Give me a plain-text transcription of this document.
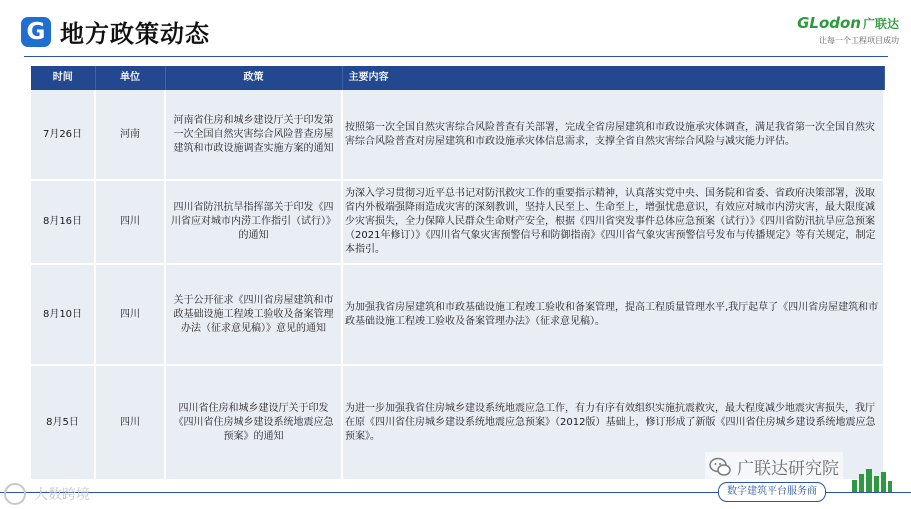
G 地方政策动态	GLodon 广联达
让每一个工程项目成功
时间	单位	政策	主要内容
7月26日	河南	河南省住房和城乡建设厅关于印发第一次全国自然灾害综合风险普查房屋建筑和市政设施调查实施方案的通知	按照第一次全国自然灾害综合风险普查有关部署，完成全省房屋建筑和市政设施承灾体调查，满足我省第一次全国自然灾害综合风险普查对房屋建筑和市政设施承灾体信息需求，支撑全省自然灾害综合风险与减灾能力评估。
8月16日	四川	四川省防汛抗旱指挥部关于印发《四川省应对城市内涝工作指引（试行）》的通知	为深入学习贯彻习近平总书记对防汛救灾工作的重要指示精神，认真落实党中央、国务院和省委、省政府决策部署，汲取省内外极端强降雨造成灾害的深刻教训，坚持人民至上、生命至上，增强忧患意识，有效应对城市内涝灾害，最大限度减少灾害损失，全力保障人民群众生命财产安全，根据《四川省突发事件总体应急预案（试行）》《四川省防汛抗旱应急预案（2021年修订）》《四川省气象灾害预警信号和防御指南》《四川省气象灾害预警信号发布与传播规定》等有关规定，制定本指引。
8月10日	四川	关于公开征求《四川省房屋建筑和市政基础设施工程竣工验收及备案管理办法（征求意见稿）》意见的通知	为加强我省房屋建筑和市政基础设施工程竣工验收和备案管理，提高工程质量管理水平,我厅起草了《四川省房屋建筑和市政基础设施工程竣工验收及备案管理办法》（征求意见稿）。
8月5日	四川	四川省住房和城乡建设厅关于印发《四川省住房城乡建设系统地震应急预案》的通知	为进一步加强我省住房城乡建设系统地震应急工作，有力有序有效组织实施抗震救灾，最大程度减少地震灾害损失，我厅在原《四川省住房城乡建设系统地震应急预案》（2012版）基础上，修订形成了新版《四川省住房城乡建设系统地震应急预案》。
数字建筑平台服务商
大数跨境
广联达研究院
